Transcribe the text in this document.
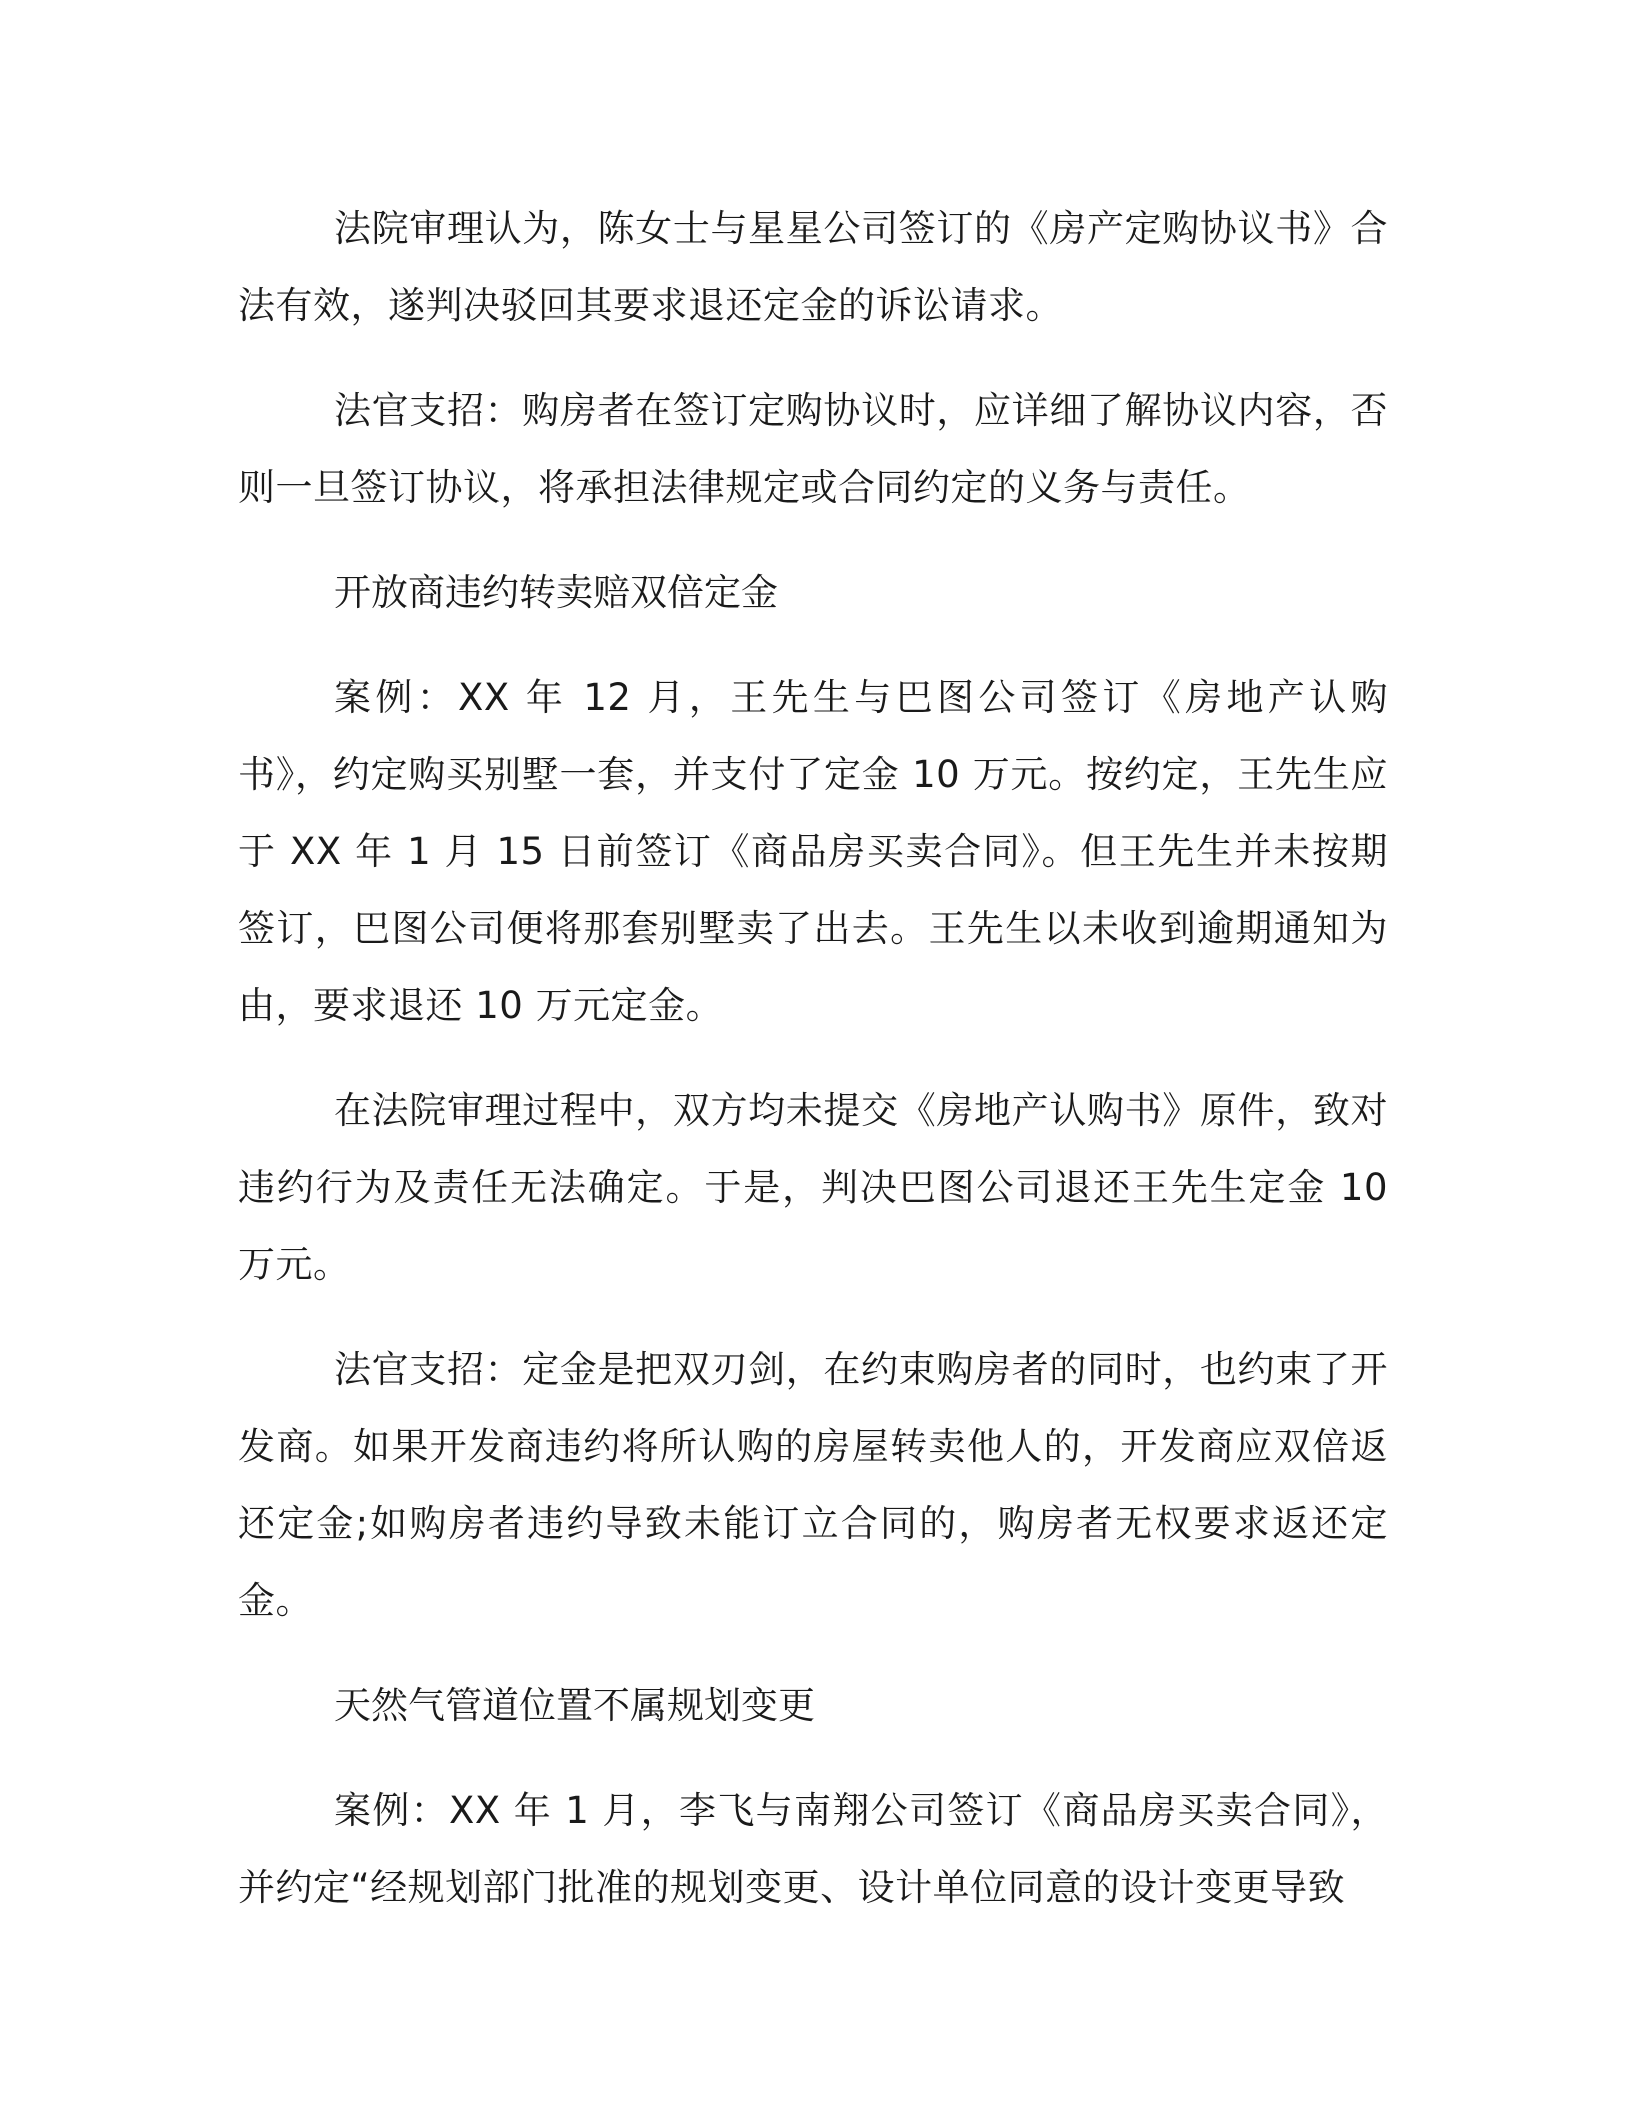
法院审理认为，陈女士与星星公司签订的《房产定购协议书》合法有效，遂判决驳回其要求退还定金的诉讼请求。

法官支招：购房者在签订定购协议时，应详细了解协议内容，否则一旦签订协议，将承担法律规定或合同约定的义务与责任。

开放商违约转卖赔双倍定金

案例：XX 年 12 月，王先生与巴图公司签订《房地产认购书》，约定购买别墅一套，并支付了定金 10 万元。按约定，王先生应于 XX 年 1 月 15 日前签订《商品房买卖合同》。但王先生并未按期签订，巴图公司便将那套别墅卖了出去。王先生以未收到逾期通知为由，要求退还 10 万元定金。

在法院审理过程中，双方均未提交《房地产认购书》原件，致对违约行为及责任无法确定。于是，判决巴图公司退还王先生定金 10 万元。

法官支招：定金是把双刃剑，在约束购房者的同时，也约束了开发商。如果开发商违约将所认购的房屋转卖他人的，开发商应双倍返还定金;如购房者违约导致未能订立合同的，购房者无权要求返还定金。

天然气管道位置不属规划变更

案例：XX 年 1 月，李飞与南翔公司签订《商品房买卖合同》，并约定“经规划部门批准的规划变更、设计单位同意的设计变更导致
